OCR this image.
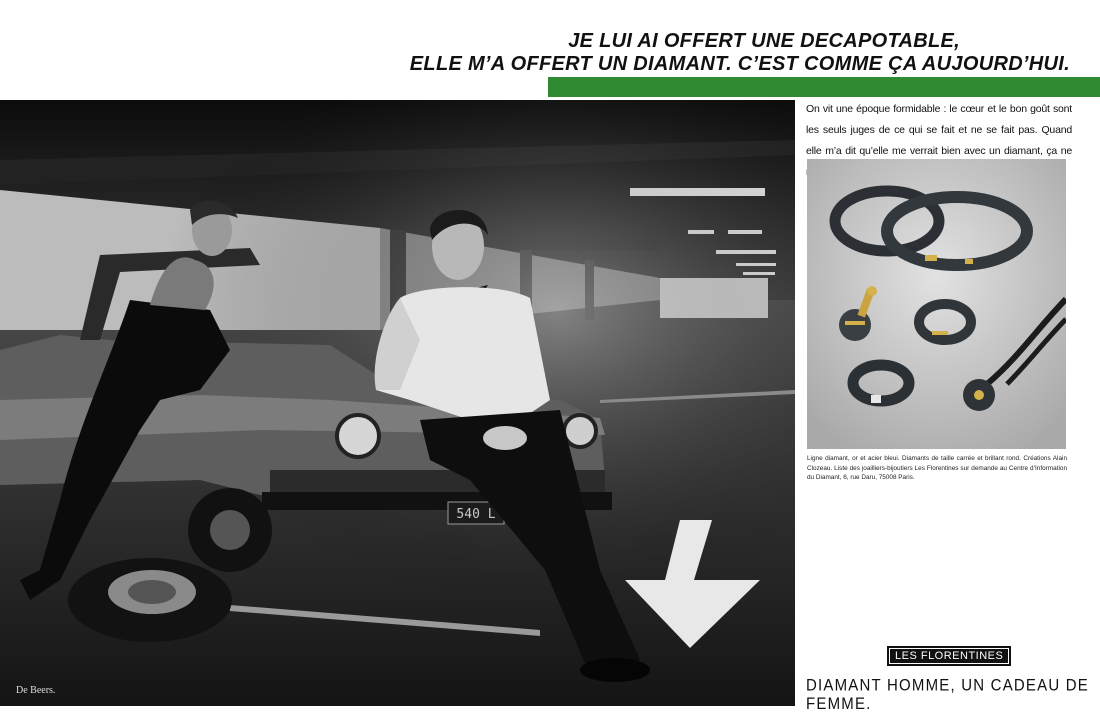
JE LUI AI OFFERT UNE DECAPOTABLE,
ELLE M’A OFFERT UN DIAMANT. C’EST COMME ÇA AUJOURD’HUI.
540 L
De Beers.
On vit une époque formidable : le cœur et le bon goût sont les seuls juges de ce qui se fait et ne se fait pas. Quand elle m’a dit qu’elle me verrait bien avec un diamant, ça ne
Ligne diamant, or et acier bleui. Diamants de taille carrée et brillant rond. Créations Alain Clozeau. Liste des joailliers-bijoutiers Les Florentines sur demande au Centre d’Information du Diamant, 6, rue Daru, 75008 Paris.
LES FLORENTINES
DIAMANT HOMME, UN CADEAU DE FEMME.
